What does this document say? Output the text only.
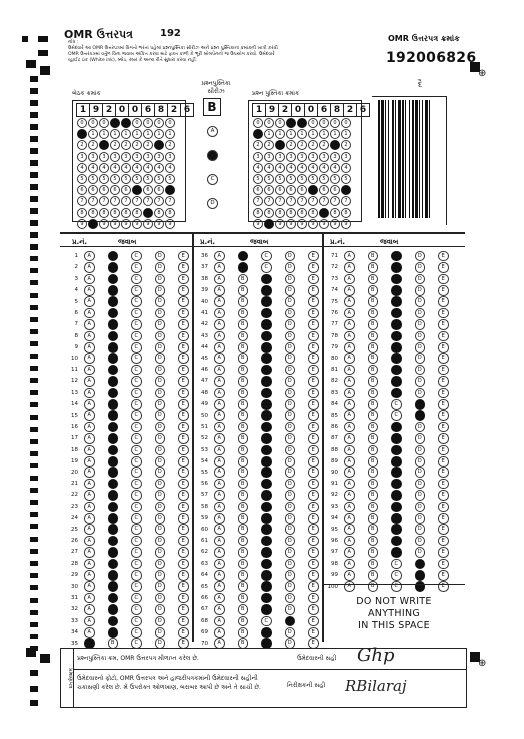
OMR ઉત્તરપત્ર	192
નોંધ :
ઉમેદવારે આ OMR ઉત્તરપત્રમાં વિગતો ભરતાં પહેલાં પ્રશ્નપુસ્તિકા સીરીઝ અને પ્રશ્ન પુસ્તિકાનાં ક્રમાંકની ખાત્રી કરવી
OMR ઉત્તરપત્રમાં વર્તુળ વિના જવાબ અંકિત કરવા માટે ફક્ત કાળી કે ભૂરી બોલપેનનો જ ઉપયોગ કરવો. ઉમેદવારે
વ્હાઈટ ઇંક (White ink), બ્લેડ, રબર કે અન્ય રીતે સુધારા કરવા નહીં.
OMR ઉત્તરપત્ર ક્રમાંક
192006826
દૈ
⊕
⊕
બેઠક ક્રમાંક
1 9 2 0 0 6 8 2 6
0
1
2
3
4
5
6
7
8
9
0
1
2
3
4
5
6
7
8
9
0
1
2
3
4
5
6
7
8
9
0
1
2
3
4
5
6
7
8
9
0
1
2
3
4
5
6
7
8
9
0
1
2
3
4
5
6
7
8
9
0
1
2
3
4
5
6
7
8
9
0
1
2
3
4
5
6
7
8
9
0
1
2
3
4
5
6
7
8
9
પ્રશ્નપુસ્તિકા સીરીઝ
B
A
B
C
D
પ્રશ્ન પુસ્તિકા ક્રમાંક
1 9 2 0 0 6 8 2 6
0
1
2
3
4
5
6
7
8
9
0
1
2
3
4
5
6
7
8
9
0
1
2
3
4
5
6
7
8
9
0
1
2
3
4
5
6
7
8
9
0
1
2
3
4
5
6
7
8
9
0
1
2
3
4
5
6
7
8
9
0
1
2
3
4
5
6
7
8
9
0
1
2
3
4
5
6
7
8
9
0
1
2
3
4
5
6
7
8
9
પ્ર.નં.	જવાબ	પ્ર.નં.	જવાબ	પ્ર.નં.	જવાબ
1	A	B	C	D	E
2	A	B	C	D	E
3	A	B	C	D	E
4	A	B	C	D	E
5	A	B	C	D	E
6	A	B	C	D	E
7	A	B	C	D	E
8	A	B	C	D	E
9	A	B	C	D	E
10	A	B	C	D	E
11	A	B	C	D	E
12	A	B	C	D	E
13	A	B	C	D	E
14	A	B	C	D	E
15	A	B	C	D	E
16	A	B	C	D	E
17	A	B	C	D	E
18	A	B	C	D	E
19	A	B	C	D	E
20	A	B	C	D	E
21	A	B	C	D	E
22	A	B	C	D	E
23	A	B	C	D	E
24	A	B	C	D	E
25	A	B	C	D	E
26	A	B	C	D	E
27	A	B	C	D	E
28	A	B	C	D	E
29	A	B	C	D	E
30	A	B	C	D	E
31	A	B	C	D	E
32	A	B	C	D	E
33	A	B	C	D	E
34	A	B	C	D	E
35	A	B	C	D	E
36	A	B	C	D	E
37	A	B	C	D	E
38	A	B	C	D	E
39	A	B	C	D	E
40	A	B	C	D	E
41	A	B	C	D	E
42	A	B	C	D	E
43	A	B	C	D	E
44	A	B	C	D	E
45	A	B	C	D	E
46	A	B	C	D	E
47	A	B	C	D	E
48	A	B	C	D	E
49	A	B	C	D	E
50	A	B	C	D	E
51	A	B	C	D	E
52	A	B	C	D	E
53	A	B	C	D	E
54	A	B	C	D	E
55	A	B	C	D	E
56	A	B	C	D	E
57	A	B	C	D	E
58	A	B	C	D	E
59	A	B	C	D	E
60	A	B	C	D	E
61	A	B	C	D	E
62	A	B	C	D	E
63	A	B	C	D	E
64	A	B	C	D	E
65	A	B	C	D	E
66	A	B	C	D	E
67	A	B	C	D	E
68	A	B	C	D	E
69	A	B	C	D	E
70	A	B	C	D	E
71	A	B	C	D	E
72	A	B	C	D	E
73	A	B	C	D	E
74	A	B	C	D	E
75	A	B	C	D	E
76	A	B	C	D	E
77	A	B	C	D	E
78	A	B	C	D	E
79	A	B	C	D	E
80	A	B	C	D	E
81	A	B	C	D	E
82	A	B	C	D	E
83	A	B	C	D	E
84	A	B	C	D	E
85	A	B	C	D	E
86	A	B	C	D	E
87	A	B	C	D	E
88	A	B	C	D	E
89	A	B	C	D	E
90	A	B	C	D	E
91	A	B	C	D	E
92	A	B	C	D	E
93	A	B	C	D	E
94	A	B	C	D	E
95	A	B	C	D	E
96	A	B	C	D	E
97	A	B	C	D	E
98	A	B	C	D	E
99	A	B	C	D	E
100	A	B	C	D	E
DO NOT WRITE
ANYTHING
IN THIS SPACE
પ્રમાણપત્ર
પ્રશ્નપુસ્તિકા ક્રમ, OMR ઉત્તરપત્ર મીળાપ્ત કરેલ છે.	ઉમેદવારની સહી
ઉમેદવારનો ફોટો, OMR ઉત્તરપત્ર અને હાજરીપત્રકમાંની ઉમેદવારની સહીની
ચકાસણી કરેલ છે. મેં ઉપરોક્ત ઓળખાણ, બરાબર આપી છે અને તે સાચી છે.	નિરીક્ષકની સહી
Ghp
RBilaraj
